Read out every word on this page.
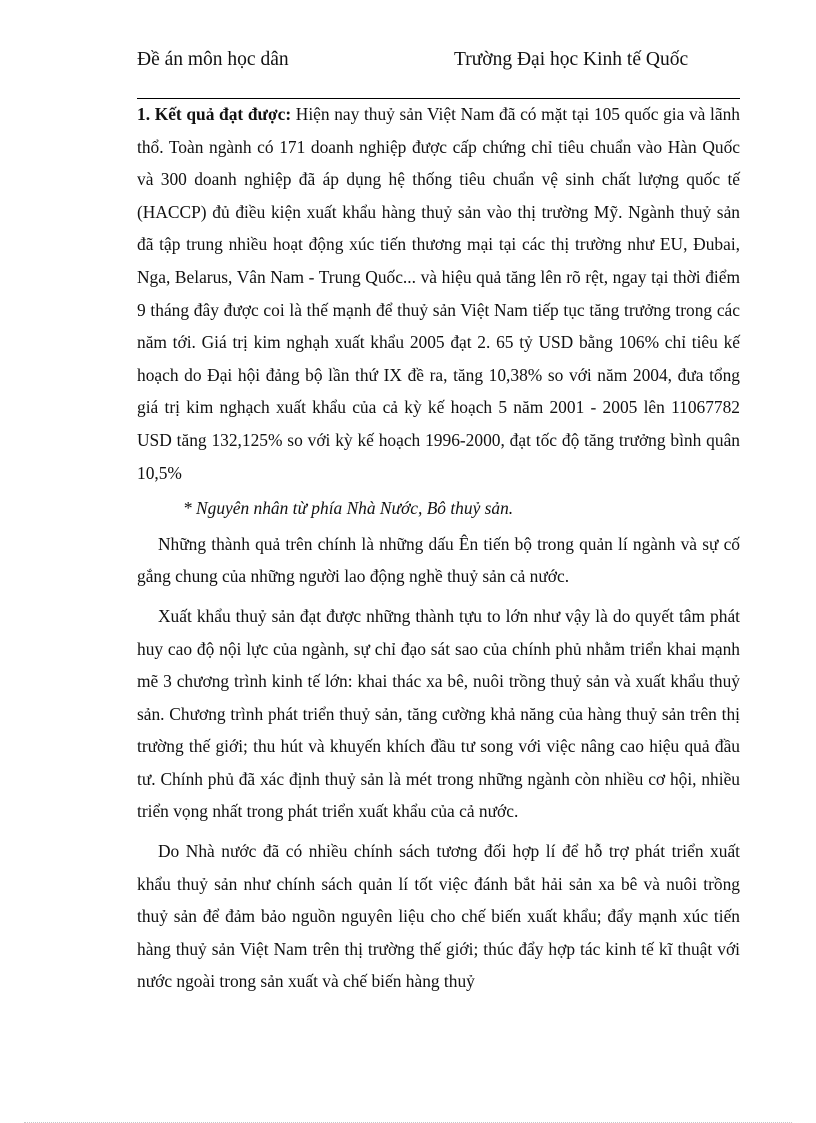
Đề án môn học dân	Trường Đại học Kinh tế Quốc

1. Kết quả đạt được: Hiện nay thuỷ sản Việt Nam đã có mặt tại 105 quốc gia và lãnh thổ. Toàn ngành có 171 doanh nghiệp được cấp chứng chỉ tiêu chuẩn vào Hàn Quốc và 300 doanh nghiệp đã áp dụng hệ thống tiêu chuẩn vệ sinh chất lượng quốc tế (HACCP) đủ điều kiện xuất khẩu hàng thuỷ sản vào thị trường Mỹ. Ngành thuỷ sản đã tập trung nhiều hoạt động xúc tiến thương mại tại các thị trường như EU, Đubai, Nga, Belarus, Vân Nam - Trung Quốc... và hiệu quả tăng lên rõ rệt, ngay tại thời điểm 9 tháng đây được coi là thế mạnh để thuỷ sản Việt Nam tiếp tục tăng trưởng trong các năm tới. Giá trị kim nghạh xuất khẩu 2005 đạt 2. 65 tỷ USD bằng 106% chỉ tiêu kế hoạch do Đại hội đảng bộ lần thứ IX đề ra, tăng 10,38% so với năm 2004, đưa tổng giá trị kim nghạch xuất khẩu của cả kỳ kế hoạch 5 năm 2001 - 2005 lên 11067782 USD tăng 132,125% so với kỳ kế hoạch 1996-2000, đạt tốc độ tăng trưởng bình quân 10,5%

* Nguyên nhân từ phía Nhà Nước, Bô thuỷ sản.

Những thành quả trên chính là những dấu Ên tiến bộ trong quản lí ngành và sự cố gắng chung của những người lao động nghề thuỷ sản cả nước.

Xuất khẩu thuỷ sản đạt được những thành tựu to lớn như vậy là do quyết tâm phát huy cao độ nội lực của ngành, sự chỉ đạo sát sao của chính phủ nhằm triển khai mạnh mẽ 3 chương trình kinh tế lớn: khai thác xa bê, nuôi trồng thuỷ sản và xuất khẩu thuỷ sản. Chương trình phát triển thuỷ sản, tăng cường khả năng của hàng thuỷ sản trên thị trường thế giới; thu hút và khuyến khích đầu tư song với việc nâng cao hiệu quả đầu tư. Chính phủ đã xác định thuỷ sản là mét trong những ngành còn nhiều cơ hội, nhiều triển vọng nhất trong phát triển xuất khẩu của cả nước.

Do Nhà nước đã có nhiều chính sách tương đối hợp lí để hỗ trợ phát triển xuất khẩu thuỷ sản như chính sách quản lí tốt việc đánh bắt hải sản xa bê và nuôi trồng thuỷ sản để đảm bảo nguồn nguyên liệu cho chế biến xuất khẩu; đẩy mạnh xúc tiến hàng thuỷ sản Việt Nam trên thị trường thế giới; thúc đẩy hợp tác kinh tế kĩ thuật với nước ngoài trong sản xuất và chế biến hàng thuỷ
